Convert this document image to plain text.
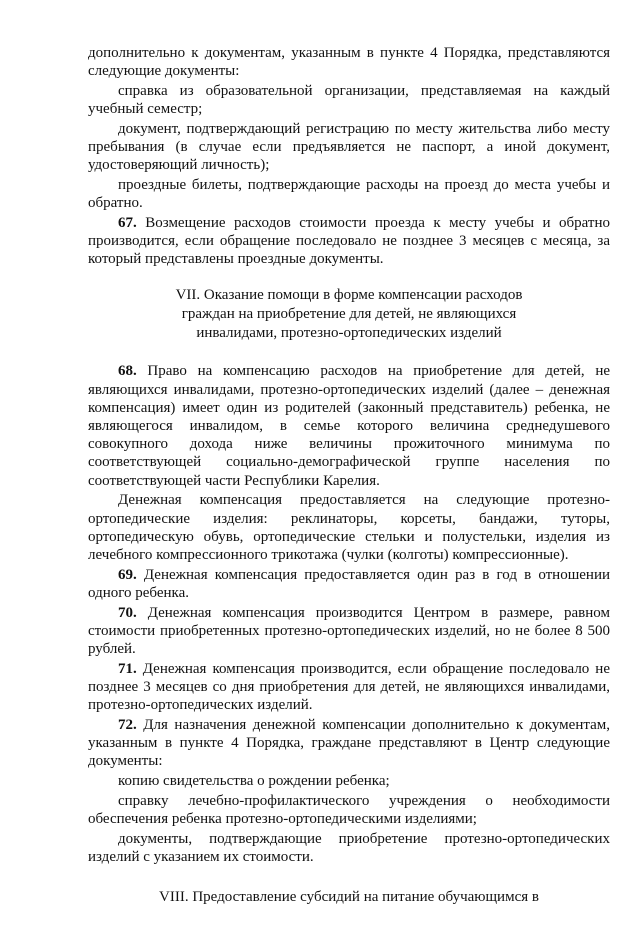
дополнительно к документам, указанным в пункте 4 Порядка, представляются следующие документы:

справка из образовательной организации, представляемая на каждый учебный семестр;

документ, подтверждающий регистрацию по месту жительства либо месту пребывания (в случае если предъявляется не паспорт, а иной документ, удостоверяющий личность);

проездные билеты, подтверждающие расходы на проезд до места учебы и обратно.

67. Возмещение расходов стоимости проезда к месту учебы и обратно производится, если обращение последовало не позднее 3 месяцев с месяца, за который представлены проездные документы.

VII. Оказание помощи в форме компенсации расходов
граждан на приобретение для детей, не являющихся
инвалидами, протезно-ортопедических изделий

68. Право на компенсацию расходов на приобретение для детей, не являющихся инвалидами, протезно-ортопедических изделий (далее – денежная компенсация) имеет один из родителей (законный представитель) ребенка, не являющегося инвалидом, в семье которого величина среднедушевого совокупного дохода ниже величины прожиточного минимума по соответствующей социально-демографической группе населения по соответствующей части Республики Карелия.

Денежная компенсация предоставляется на следующие протезно-ортопедические изделия: реклинаторы, корсеты, бандажи, туторы, ортопедическую обувь, ортопедические стельки и полустельки, изделия из лечебного компрессионного трикотажа (чулки (колготы) компрессионные).

69. Денежная компенсация предоставляется один раз в год в отношении одного ребенка.

70. Денежная компенсация производится Центром в размере, равном стоимости приобретенных протезно-ортопедических изделий, но не более 8 500 рублей.

71. Денежная компенсация производится, если обращение последовало не позднее 3 месяцев со дня приобретения для детей, не являющихся инвалидами, протезно-ортопедических изделий.

72. Для назначения денежной компенсации дополнительно к документам, указанным в пункте 4 Порядка, граждане представляют в Центр следующие документы:

копию свидетельства о рождении ребенка;

справку лечебно-профилактического учреждения о необходимости обеспечения ребенка протезно-ортопедическими изделиями;

документы, подтверждающие приобретение протезно-ортопедических изделий с указанием их стоимости.

VIII. Предоставление субсидий на питание обучающимся в
